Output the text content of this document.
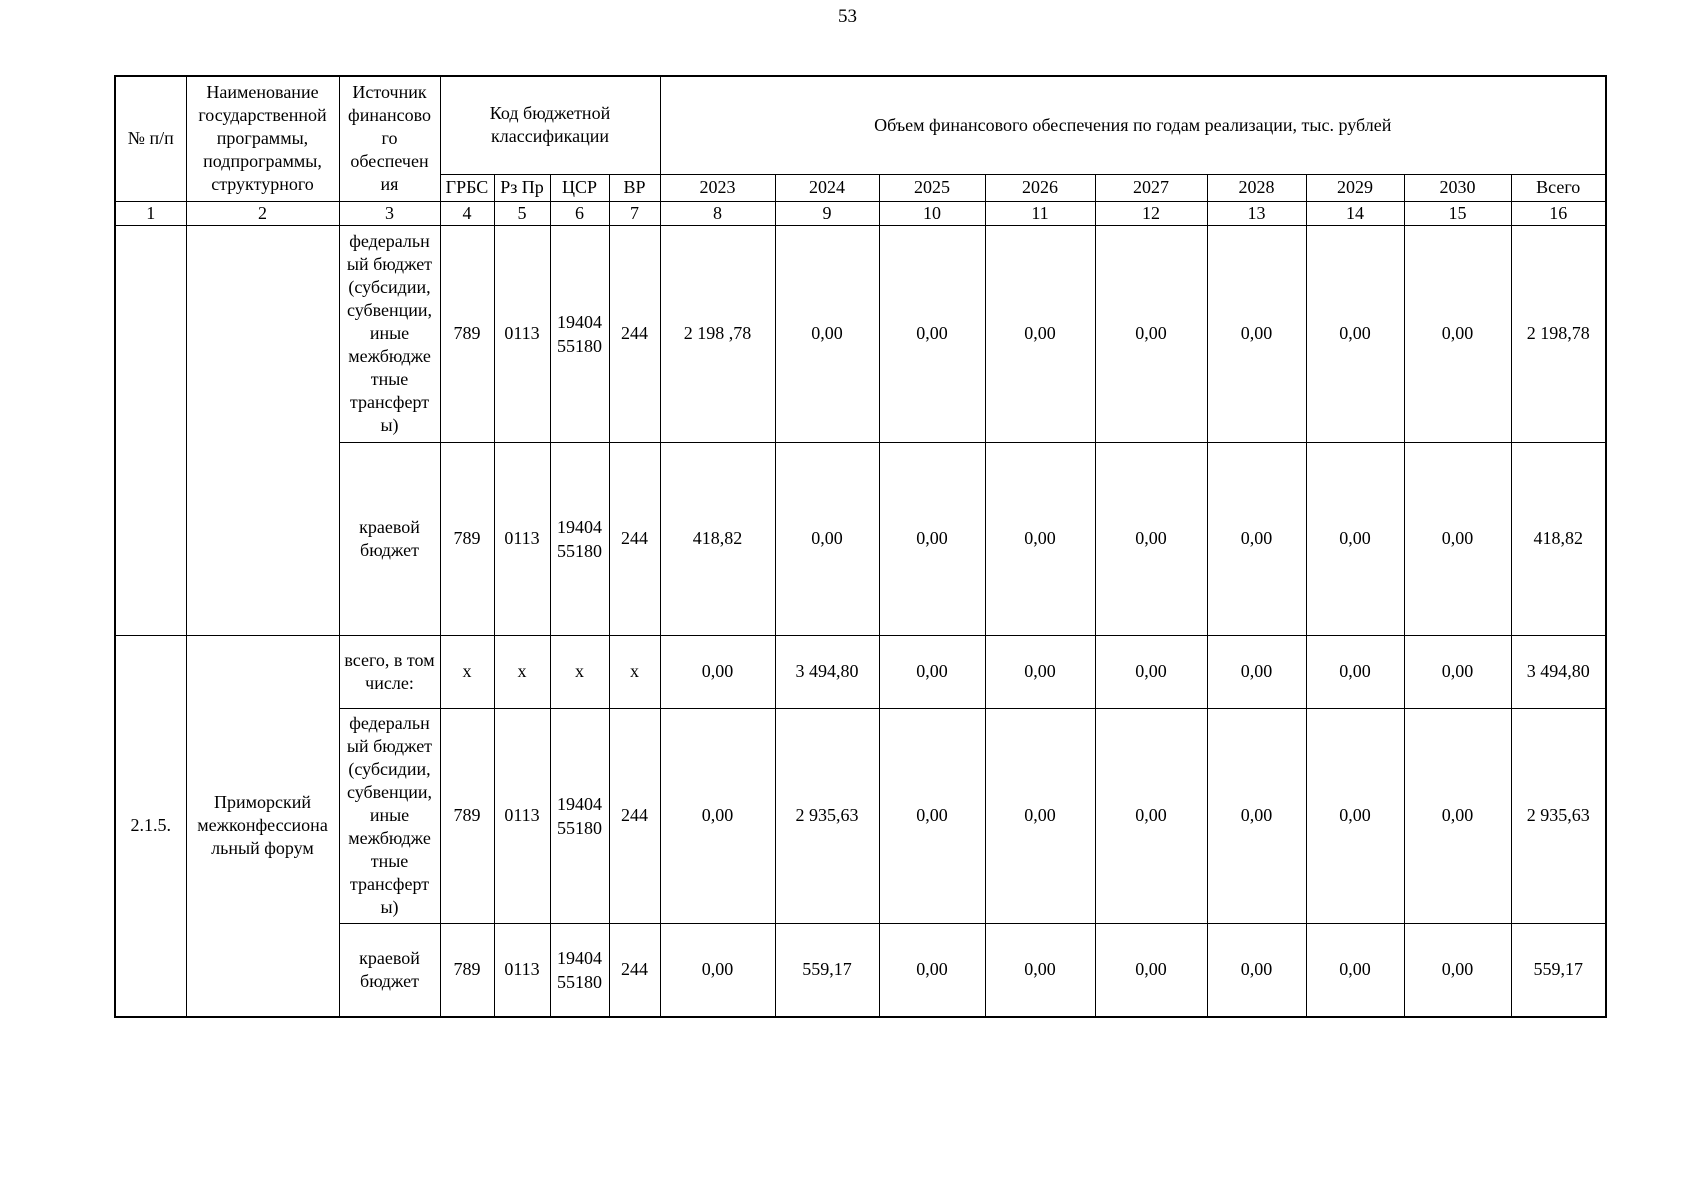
53
№ п/п	Наименование государственной программы, подпрограммы, структурного	Источник финансово го обеспечен ия	Код бюджетной классификации				Объем финансового обеспечения по годам реализации, тыс. рублей								
			ГРБС	Рз Пр	ЦСР	ВР	2023	2024	2025	2026	2027	2028	2029	2030	Всего
1	2	3	4	5	6	7	8	9	10	11	12	13	14	15	16
		федеральн ый бюджет (субсидии, субвенции, иные межбюдже тные трансферт ы)	789	0113	19404 55180	244	2 198 ,78	0,00	0,00	0,00	0,00	0,00	0,00	0,00	2 198,78
		краевой бюджет	789	0113	19404 55180	244	418,82	0,00	0,00	0,00	0,00	0,00	0,00	0,00	418,82
2.1.5.	Приморский межконфессиона льный форум	всего, в том числе:	x	x	x	x	0,00	3 494,80	0,00	0,00	0,00	0,00	0,00	0,00	3 494,80
		федеральн ый бюджет (субсидии, субвенции, иные межбюдже тные трансферт ы)	789	0113	19404 55180	244	0,00	2 935,63	0,00	0,00	0,00	0,00	0,00	0,00	2 935,63
		краевой бюджет	789	0113	19404 55180	244	0,00	559,17	0,00	0,00	0,00	0,00	0,00	0,00	559,17
